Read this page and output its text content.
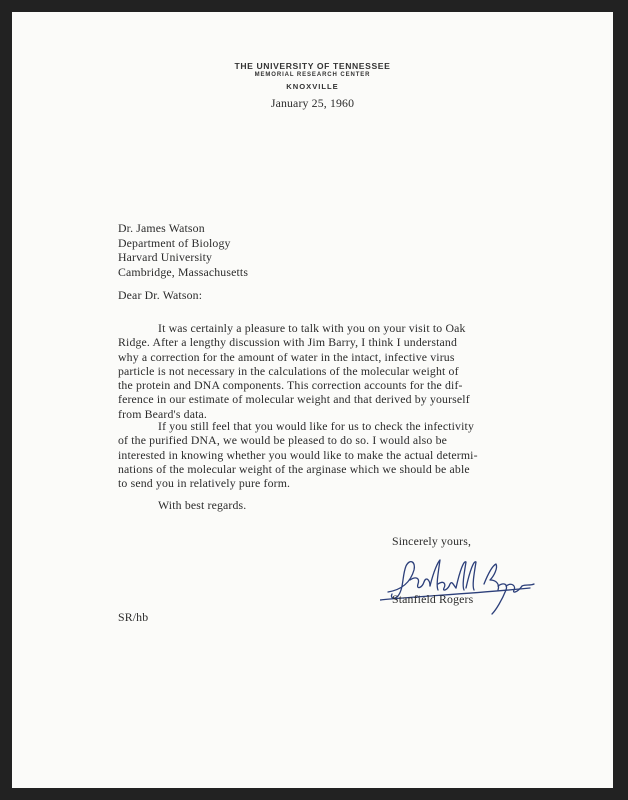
THE UNIVERSITY OF TENNESSEE
MEMORIAL RESEARCH CENTER
KNOXVILLE
January 25, 1960
Dr. James Watson
Department of Biology
Harvard University
Cambridge, Massachusetts
Dear Dr. Watson:
It was certainly a pleasure to talk with you on your visit to Oak
Ridge. After a lengthy discussion with Jim Barry, I think I understand
why a correction for the amount of water in the intact, infective virus
particle is not necessary in the calculations of the molecular weight of
the protein and DNA components. This correction accounts for the dif-
ference in our estimate of molecular weight and that derived by yourself
from Beard's data.
If you still feel that you would like for us to check the infectivity
of the purified DNA, we would be pleased to do so. I would also be
interested in knowing whether you would like to make the actual determi-
nations of the molecular weight of the arginase which we should be able
to send you in relatively pure form.
With best regards.
Sincerely yours,
Stanfield Rogers
SR/hb
